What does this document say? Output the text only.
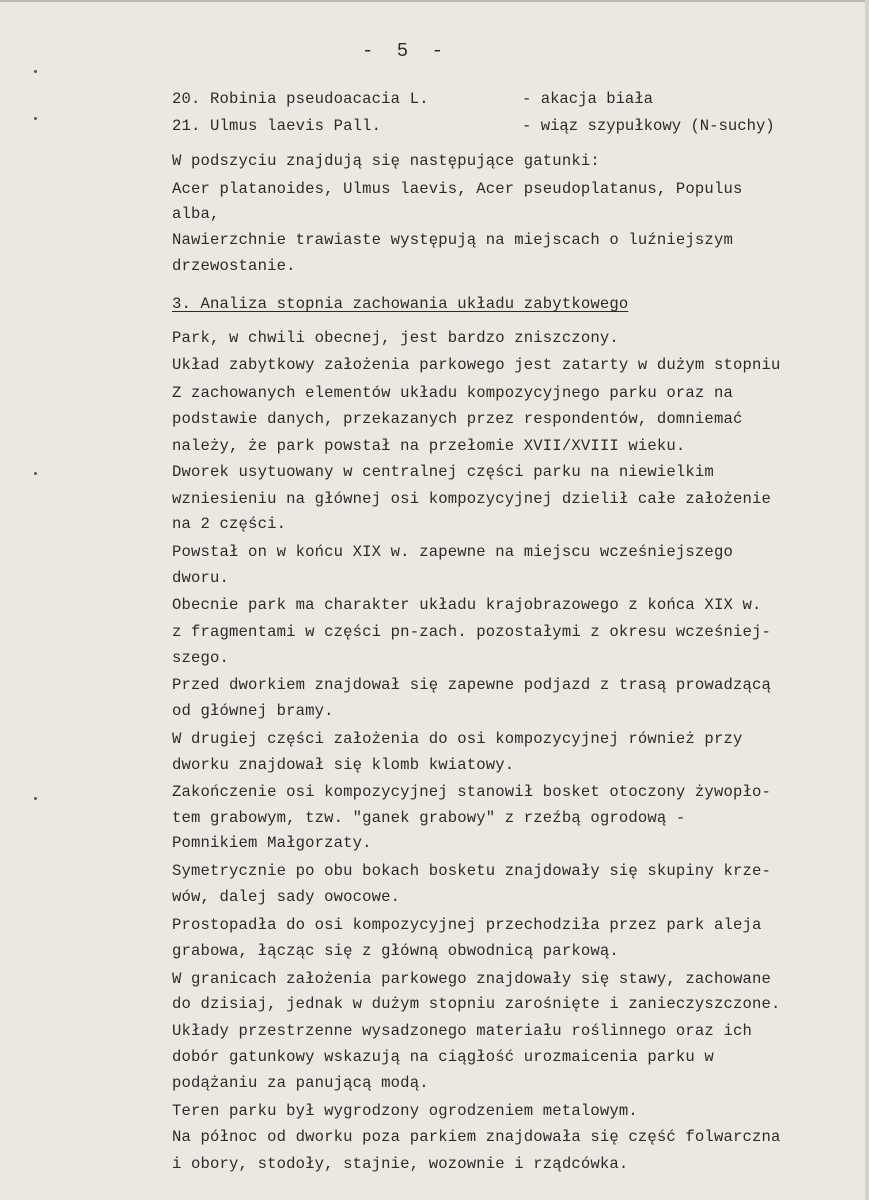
- 5 -
20. Robinia pseudoacacia L.	- akacja biała
21. Ulmus laevis Pall.	- wiąz szypułkowy (N-suchy)
W podszyciu znajdują się następujące gatunki:
Acer platanoides, Ulmus laevis, Acer pseudoplatanus, Populus
alba,
Nawierzchnie trawiaste występują na miejscach o luźniejszym
drzewostanie.
3. Analiza stopnia zachowania układu zabytkowego
Park, w chwili obecnej, jest bardzo zniszczony.
Układ zabytkowy założenia parkowego jest zatarty w dużym stopniu
Z zachowanych elementów układu kompozycyjnego parku oraz na
podstawie danych, przekazanych przez respondentów, domniemać
należy, że park powstał na przełomie XVII/XVIII wieku.
Dworek usytuowany w centralnej części parku na niewielkim
wzniesieniu na głównej osi kompozycyjnej dzielił całe założenie
na 2 części.
Powstał on w końcu XIX w. zapewne na miejscu wcześniejszego
dworu.
Obecnie park ma charakter układu krajobrazowego z końca XIX w.
z fragmentami w części pn-zach. pozostałymi z okresu wcześniej-
szego.
Przed dworkiem znajdował się zapewne podjazd z trasą prowadzącą
od głównej bramy.
W drugiej części założenia do osi kompozycyjnej również przy
dworku znajdował się klomb kwiatowy.
Zakończenie osi kompozycyjnej stanowił bosket otoczony żywopło-
tem grabowym, tzw. "ganek grabowy" z rzeźbą ogrodową -
Pomnikiem Małgorzaty.
Symetrycznie po obu bokach bosketu znajdowały się skupiny krze-
wów, dalej sady owocowe.
Prostopadła do osi kompozycyjnej przechodziła przez park aleja
grabowa, łącząc się z główną obwodnicą parkową.
W granicach założenia parkowego znajdowały się stawy, zachowane
do dzisiaj, jednak w dużym stopniu zarośnięte i zanieczyszczone.
Układy przestrzenne wysadzonego materiału roślinnego oraz ich
dobór gatunkowy wskazują na ciągłość urozmaicenia parku w
podążaniu za panującą modą.
Teren parku był wygrodzony ogrodzeniem metalowym.
Na północ od dworku poza parkiem znajdowała się część folwarczna
i obory, stodoły, stajnie, wozownie i rządcówka.
